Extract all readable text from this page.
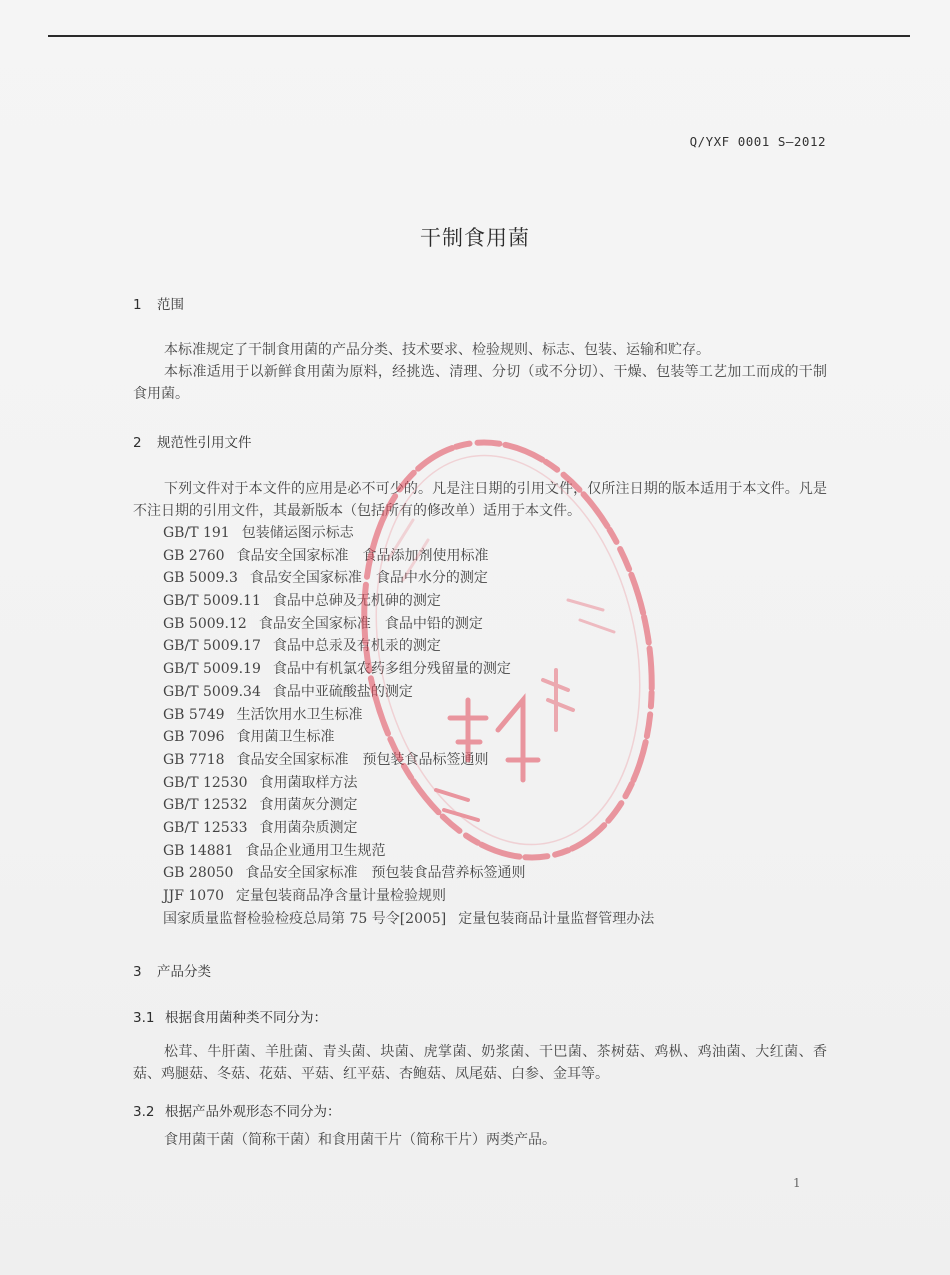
Q/YXF 0001 S—2012
干制食用菌
1 范围
本标准规定了干制食用菌的产品分类、技术要求、检验规则、标志、包装、运输和贮存。
本标准适用于以新鲜食用菌为原料，经挑选、清理、分切（或不分切）、干燥、包装等工艺加工而成的干制食用菌。
2 规范性引用文件
下列文件对于本文件的应用是必不可少的。凡是注日期的引用文件，仅所注日期的版本适用于本文件。凡是不注日期的引用文件，其最新版本（包括所有的修改单）适用于本文件。
GB/T 191 包装储运图示标志
GB 2760 食品安全国家标准　食品添加剂使用标准
GB 5009.3 食品安全国家标准　食品中水分的测定
GB/T 5009.11 食品中总砷及无机砷的测定
GB 5009.12 食品安全国家标准　食品中铅的测定
GB/T 5009.17 食品中总汞及有机汞的测定
GB/T 5009.19 食品中有机氯农药多组分残留量的测定
GB/T 5009.34 食品中亚硫酸盐的测定
GB 5749 生活饮用水卫生标准
GB 7096 食用菌卫生标准
GB 7718 食品安全国家标准　预包装食品标签通则
GB/T 12530 食用菌取样方法
GB/T 12532 食用菌灰分测定
GB/T 12533 食用菌杂质测定
GB 14881 食品企业通用卫生规范
GB 28050 食品安全国家标准　预包装食品营养标签通则
JJF 1070 定量包装商品净含量计量检验规则
国家质量监督检验检疫总局第 75 号令[2005] 定量包装商品计量监督管理办法
3 产品分类
3.1 根据食用菌种类不同分为：
松茸、牛肝菌、羊肚菌、青头菌、块菌、虎掌菌、奶浆菌、干巴菌、茶树菇、鸡枞、鸡油菌、大红菌、香菇、鸡腿菇、冬菇、花菇、平菇、红平菇、杏鲍菇、凤尾菇、白参、金耳等。
3.2 根据产品外观形态不同分为：
食用菌干菌（简称干菌）和食用菌干片（简称干片）两类产品。
1
